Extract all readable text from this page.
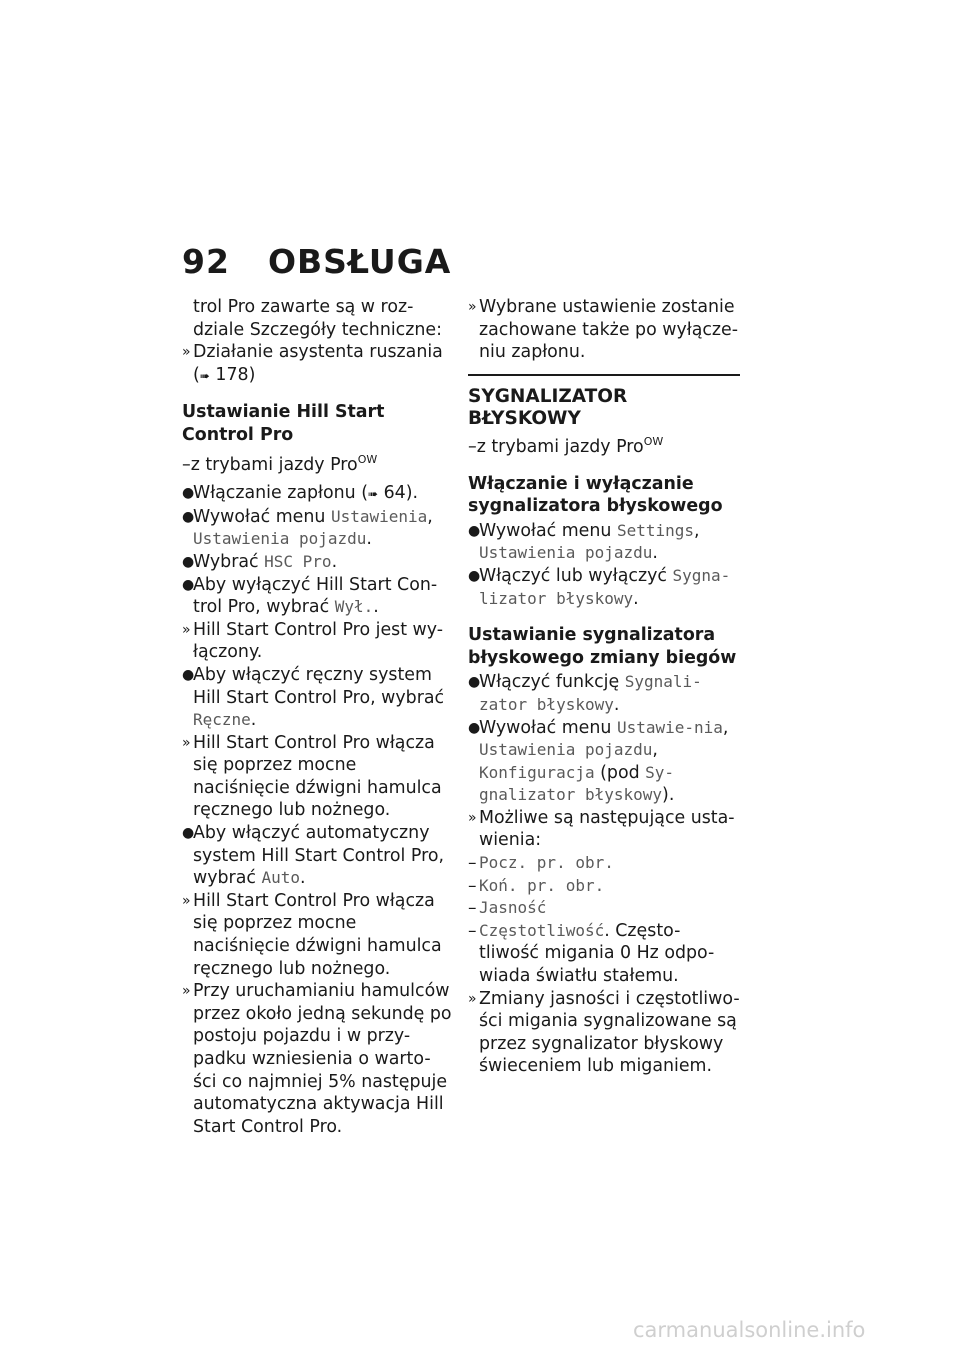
92 OBSŁUGA
trol Pro zawarte są w roz-dziale Szczegóły techniczne:
» Działanie asystenta ruszania
(➠ 178)
Ustawianie Hill Start Control Pro
–z trybami jazdy Pro$^{OW}$
●
Włączanie zapłonu (➠ 64).
●
Wywołać menu Ustawienia,
Ustawienia pojazdu.
●
Wybrać HSC Pro.
●
Aby wyłączyć Hill Start Con-trol Pro, wybrać Wył..
» Hill Start Control Pro jest wy-łączony.
●
Aby włączyć ręczny system Hill Start Control Pro, wybrać
Ręczne.
» Hill Start Control Pro włącza się poprzez mocne naciśnięcie dźwigni hamulca ręcznego lub nożnego.
●
Aby włączyć automatyczny system Hill Start Control Pro, wybrać Auto.
» Hill Start Control Pro włącza się poprzez mocne naciśnięcie dźwigni hamulca ręcznego lub nożnego.
» Przy uruchamianiu hamulców przez około jedną sekundę po postoju pojazdu i w przy-padku wzniesienia o warto-ści co najmniej 5% następuje automatyczna aktywacja Hill Start Control Pro.
» Wybrane ustawienie zostanie zachowane także po wyłącze-niu zapłonu.
SYGNALIZATOR BŁYSKOWY
–z trybami jazdy Pro$^{OW}$
Włączanie i wyłączanie sygnalizatora błyskowego
●
Wywołać menu Settings,
Ustawienia pojazdu.
●
Włączyć lub wyłączyć Sygna-lizator błyskowy.
Ustawianie sygnalizatora błyskowego zmiany biegów
●
Włączyć funkcję Sygnali-zator błyskowy.
●
Wywołać menu Ustawie-nia, Ustawienia pojazdu, Konfiguracja (pod Sy-gnalizator błyskowy).
» Możliwe są następujące usta-wienia:
– Pocz. pr. obr.
– Koń. pr. obr.
– Jasność
– Częstotliwość. Często-tliwość migania 0 Hz odpo-wiada światłu stałemu.
» Zmiany jasności i częstotliwo-ści migania sygnalizowane są przez sygnalizator błyskowy świeceniem lub miganiem.
carmanualsonline.info
